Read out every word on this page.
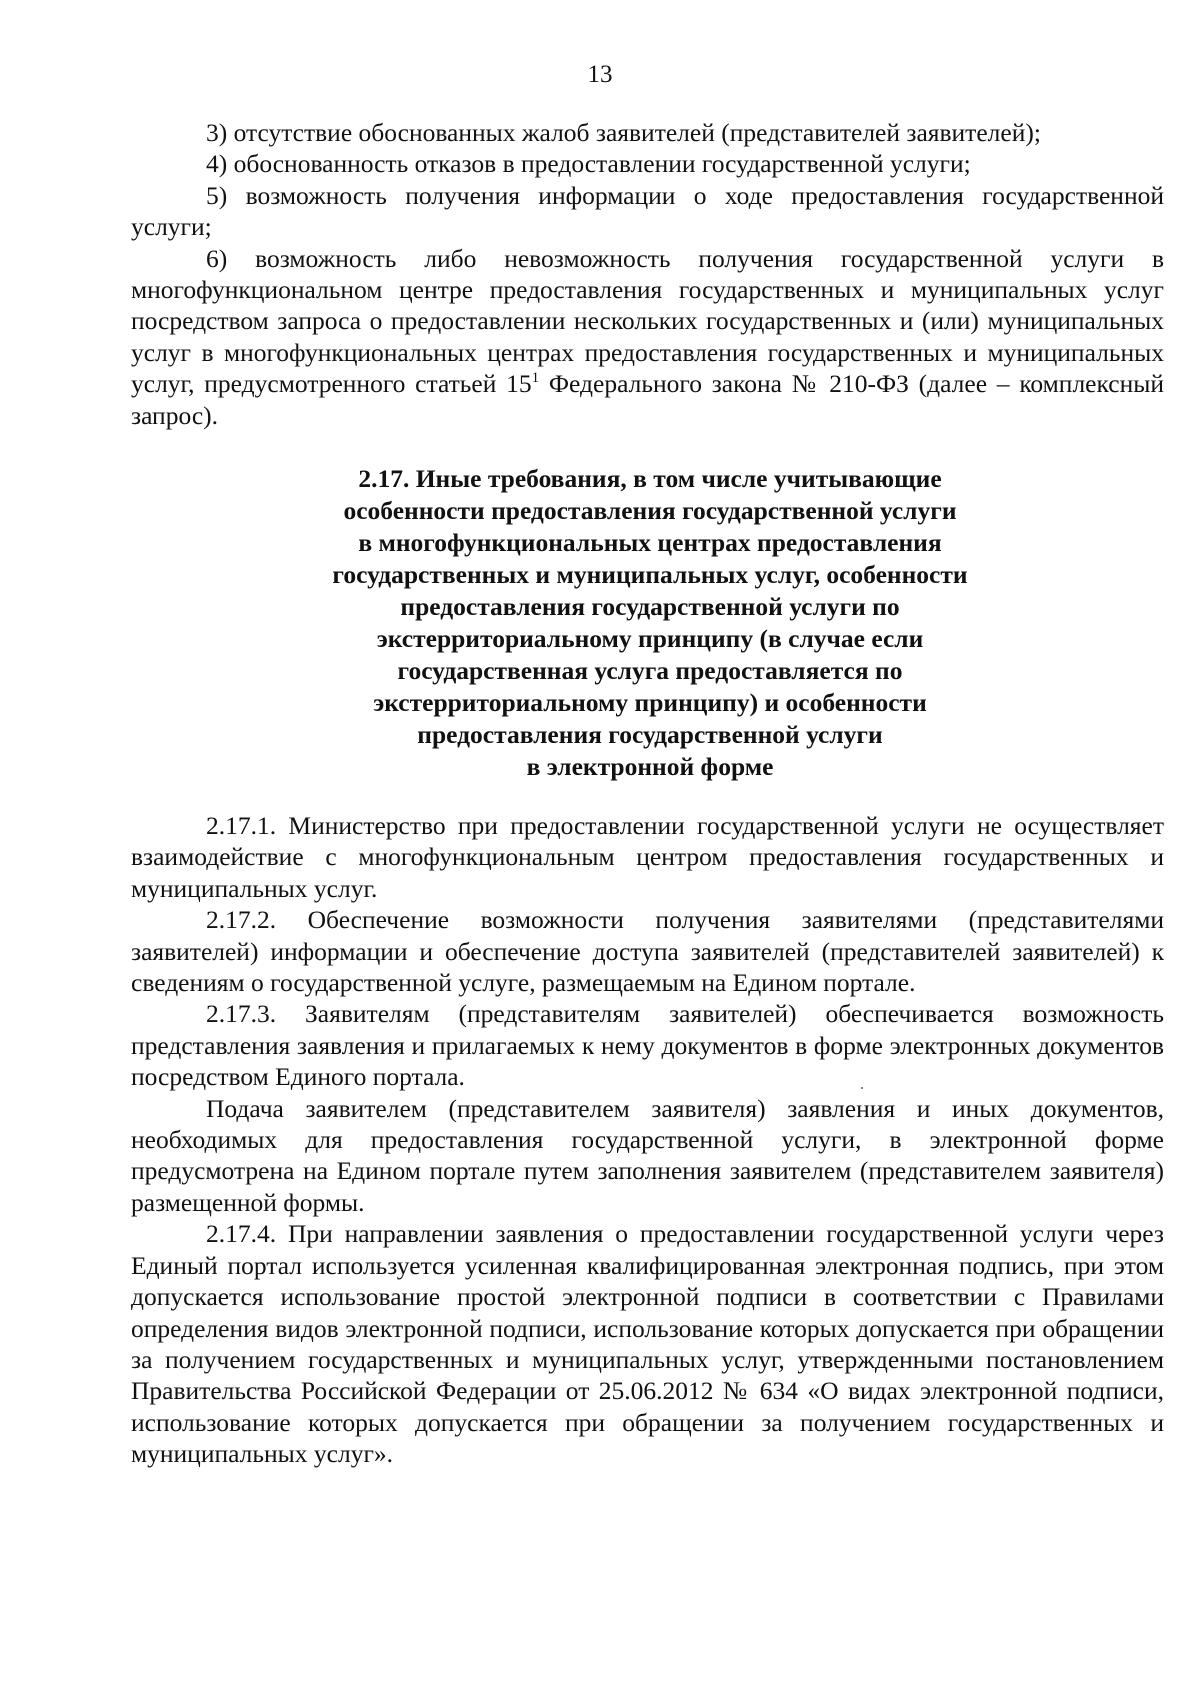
13

3) отсутствие обоснованных жалоб заявителей (представителей заявителей);

4) обоснованность отказов в предоставлении государственной услуги;

5) возможность получения информации о ходе предоставления государственной услуги;

6) возможность либо невозможность получения государственной услуги в многофункциональном центре предоставления государственных и муниципальных услуг посредством запроса о предоставлении нескольких государственных и (или) муниципальных услуг в многофункциональных центрах предоставления государственных и муниципальных услуг, предусмотренного статьей $15^1$ Федерального закона № 210-ФЗ (далее – комплексный запрос).

2.17. Иные требования, в том числе учитывающие
особенности предоставления государственной услуги
в многофункциональных центрах предоставления
государственных и муниципальных услуг, особенности
предоставления государственной услуги по
экстерриториальному принципу (в случае если
государственная услуга предоставляется по
экстерриториальному принципу) и особенности
предоставления государственной услуги
в электронной форме

2.17.1. Министерство при предоставлении государственной услуги не осуществляет взаимодействие с многофункциональным центром предоставления государственных и муниципальных услуг.

2.17.2. Обеспечение возможности получения заявителями (представителями заявителей) информации и обеспечение доступа заявителей (представителей заявителей) к сведениям о государственной услуге, размещаемым на Едином портале.

2.17.3. Заявителям (представителям заявителей) обеспечивается возможность представления заявления и прилагаемых к нему документов в форме электронных документов посредством Единого портала.

Подача заявителем (представителем заявителя) заявления и иных документов, необходимых для предоставления государственной услуги, в электронной форме предусмотрена на Едином портале путем заполнения заявителем (представителем заявителя) размещенной формы.

2.17.4. При направлении заявления о предоставлении государственной услуги через Единый портал используется усиленная квалифицированная электронная подпись, при этом допускается использование простой электронной подписи в соответствии с Правилами определения видов электронной подписи, использование которых допускается при обращении за получением государственных и муниципальных услуг, утвержденными постановлением Правительства Российской Федерации от 25.06.2012 № 634 «О видах электронной подписи, использование которых допускается при обращении за получением государственных и муниципальных услуг».
